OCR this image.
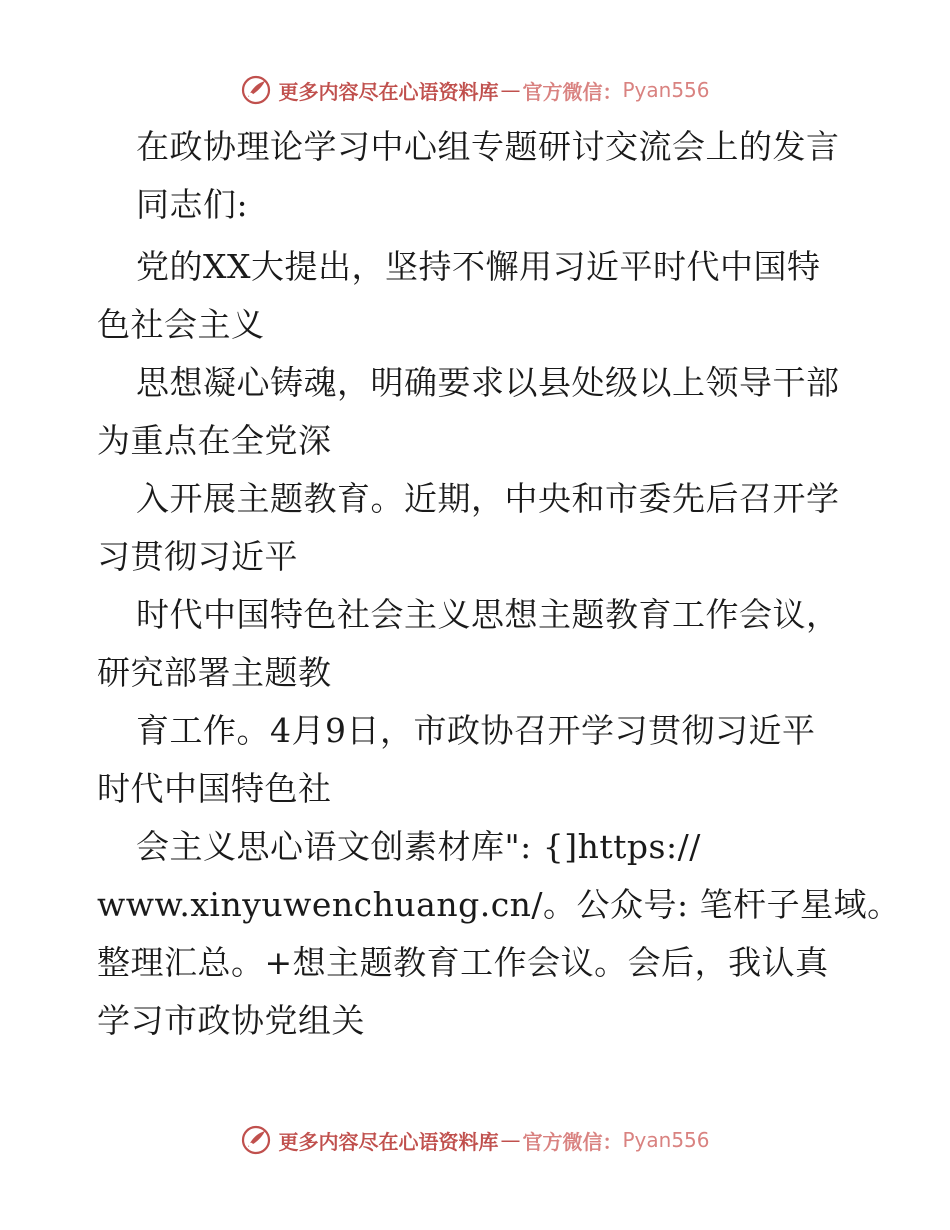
更多内容尽在心语资料库 — 官方微信： Pyan556
在政协理论学习中心组专题研讨交流会上的发言
同志们:
党的XX大提出，坚持不懈用习近平时代中国特
色社会主义
思想凝心铸魂，明确要求以县处级以上领导干部
为重点在全党深
入开展主题教育。近期，中央和市委先后召开学
习贯彻习近平
时代中国特色社会主义思想主题教育工作会议，
研究部署主题教
育工作。4月9日，市政协召开学习贯彻习近平
时代中国特色社
会主义思心语文创素材库": {]https://
www.xinyuwenchuang.cn/。公众号: 笔杆子星域。
整理汇总。+想主题教育工作会议。会后，我认真
学习市政协党组关
更多内容尽在心语资料库 — 官方微信： Pyan556
